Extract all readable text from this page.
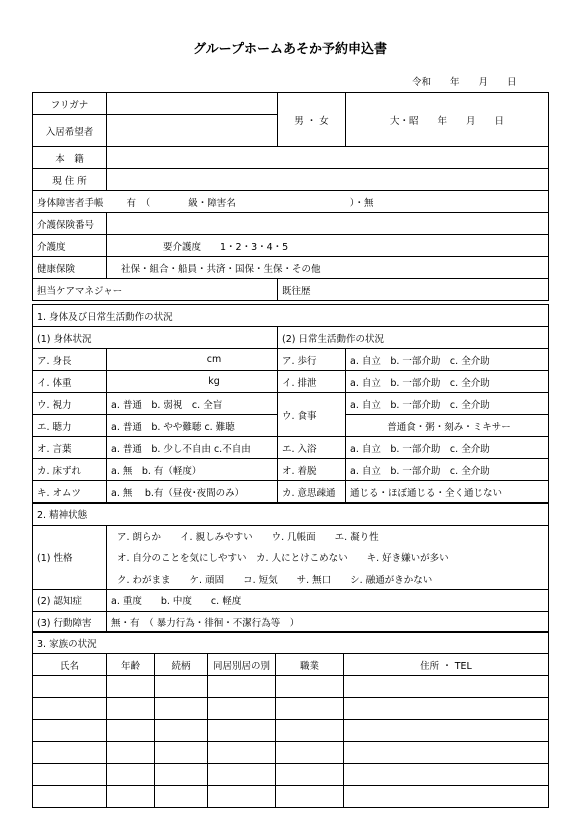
グループホームあそか予約申込書
令和　　年　　月　　日
フリガナ		男 ・ 女	大・昭　　年　　月　　日
入居希望者			
本　籍			
現 住 所			
身体障害者手帳 有　（　　　　級・障害名　　　　　　　　　　　　）・無			
介護保険番号			
介護度	要介護度　　1・2・3・4・5		
健康保険	社保・組合・船員・共済・国保・生保・その他		
担当ケアマネジャー		既往歴	
1. 身体及び日常生活動作の状況			
(1) 身体状況		(2) 日常生活動作の状況	
ア. 身長	cm	ア. 歩行	a. 自立　b. 一部介助　c. 全介助
イ. 体重	kg	イ. 排泄	a. 自立　b. 一部介助　c. 全介助
ウ. 視力	a. 普通　b. 弱視　c. 全盲	ウ. 食事	a. 自立　b. 一部介助　c. 全介助
エ. 聴力	a. 普通　b. やや難聴 c. 難聴		普通食・粥・刻み・ミキサー
オ. 言葉	a. 普通　b. 少し不自由 c.不自由	エ. 入浴	a. 自立　b. 一部介助　c. 全介助
カ. 床ずれ	a. 無　b. 有（軽度）	オ. 着脱	a. 自立　b. 一部介助　c. 全介助
キ. オムツ	a. 無　 b.有（昼夜･夜間のみ）	カ. 意思疎通	通じる・ほぼ通じる・全く通じない
2. 精神状態	
(1) 性格	ア. 朗らか　　イ. 親しみやすい　　ウ. 几帳面　　エ. 凝り性
	オ. 自分のことを気にしやすい　カ. 人にとけこめない　　キ. 好き嫌いが多い
	ク. わがまま　　ケ. 頑固　　コ. 短気　　サ. 無口　　シ. 融通がきかない
(2) 認知症	a. 重度　　b. 中度　　c. 軽度
(3) 行動障害	無・有　（ 暴力行為・徘徊・不潔行為等　）
3. 家族の状況					
氏名	年齢	続柄	同居別居の別	職業	住所 ・ TEL
